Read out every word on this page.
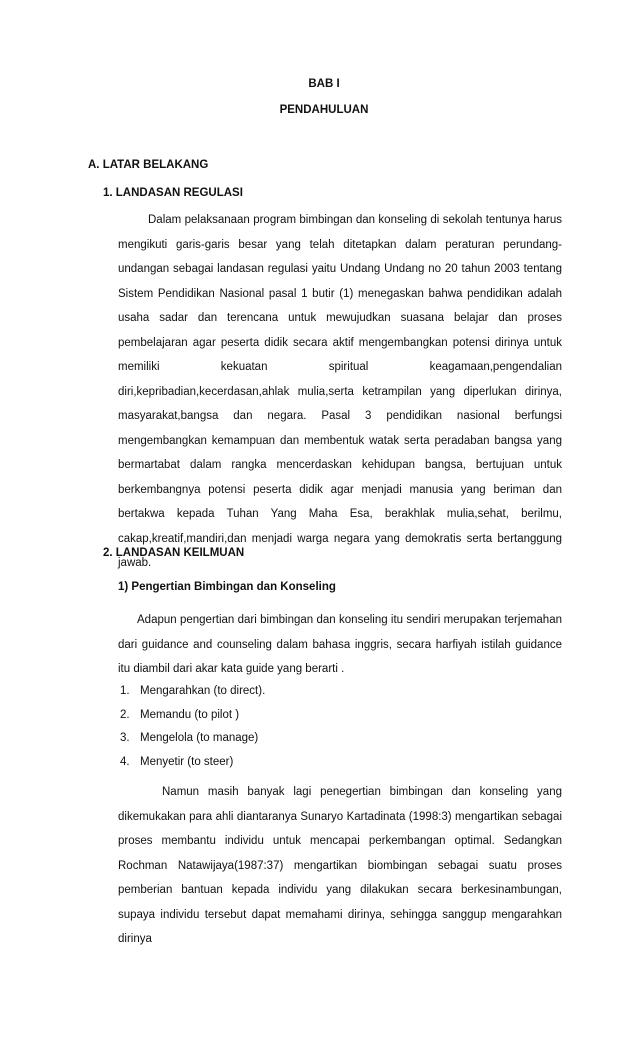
BAB I
PENDAHULUAN
A. LATAR BELAKANG
1. LANDASAN REGULASI
Dalam pelaksanaan program bimbingan dan konseling di sekolah tentunya harus mengikuti garis-garis besar yang telah ditetapkan dalam peraturan perundang-undangan sebagai landasan regulasi yaitu Undang Undang no 20 tahun 2003 tentang Sistem Pendidikan Nasional pasal 1 butir (1) menegaskan bahwa pendidikan adalah usaha sadar dan terencana untuk mewujudkan suasana belajar dan proses pembelajaran agar peserta didik secara aktif mengembangkan potensi dirinya untuk memiliki kekuatan spiritual keagamaan,pengendalian diri,kepribadian,kecerdasan,ahlak mulia,serta ketrampilan yang diperlukan dirinya, masyarakat,bangsa dan negara. Pasal 3 pendidikan nasional berfungsi mengembangkan kemampuan dan membentuk watak serta peradaban bangsa yang bermartabat dalam rangka mencerdaskan kehidupan bangsa, bertujuan untuk berkembangnya potensi peserta didik agar menjadi manusia yang beriman dan bertakwa kepada Tuhan Yang Maha Esa, berakhlak mulia,sehat, berilmu, cakap,kreatif,mandiri,dan menjadi warga negara yang demokratis serta bertanggung jawab.
2. LANDASAN KEILMUAN
1) Pengertian Bimbingan dan Konseling
Adapun pengertian dari bimbingan dan konseling itu sendiri merupakan terjemahan dari guidance and counseling dalam bahasa inggris, secara harfiyah istilah guidance itu diambil dari akar kata guide yang berarti .
1. Mengarahkan (to direct).
2. Memandu (to pilot )
3. Mengelola (to manage)
4. Menyetir (to steer)
Namun masih banyak lagi penegertian bimbingan dan konseling yang dikemukakan para ahli diantaranya Sunaryo Kartadinata (1998:3) mengartikan sebagai proses membantu individu untuk mencapai perkembangan optimal. Sedangkan Rochman Natawijaya(1987:37) mengartikan biombingan sebagai suatu proses pemberian bantuan kepada individu yang dilakukan secara berkesinambungan, supaya individu tersebut dapat memahami dirinya, sehingga sanggup mengarahkan dirinya
